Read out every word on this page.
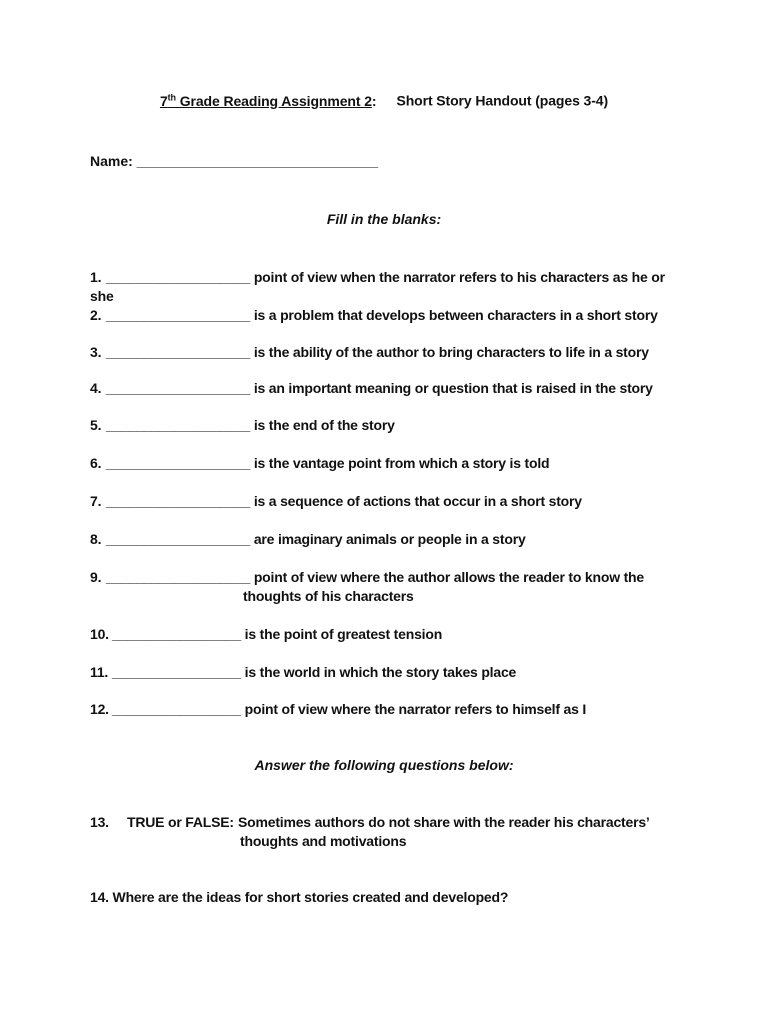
7th Grade Reading Assignment 2: Short Story Handout (pages 3-4)
Name: _______________________________
Fill in the blanks:
1. ___________________ point of view when the narrator refers to his characters as he or she
2. ___________________ is a problem that develops between characters in a short story
3. ___________________ is the ability of the author to bring characters to life in a story
4. ___________________ is an important meaning or question that is raised in the story
5. ___________________ is the end of the story
6. ___________________ is the vantage point from which a story is told
7. ___________________ is a sequence of actions that occur in a short story
8. ___________________ are imaginary animals or people in a story
9. ___________________ point of view where the author allows the reader to know the
thoughts of his characters
10. _________________ is the point of greatest tension
11. _________________ is the world in which the story takes place
12. _________________ point of view where the narrator refers to himself as I
Answer the following questions below:
13. TRUE or FALSE: Sometimes authors do not share with the reader his characters’
thoughts and motivations
14. Where are the ideas for short stories created and developed?
